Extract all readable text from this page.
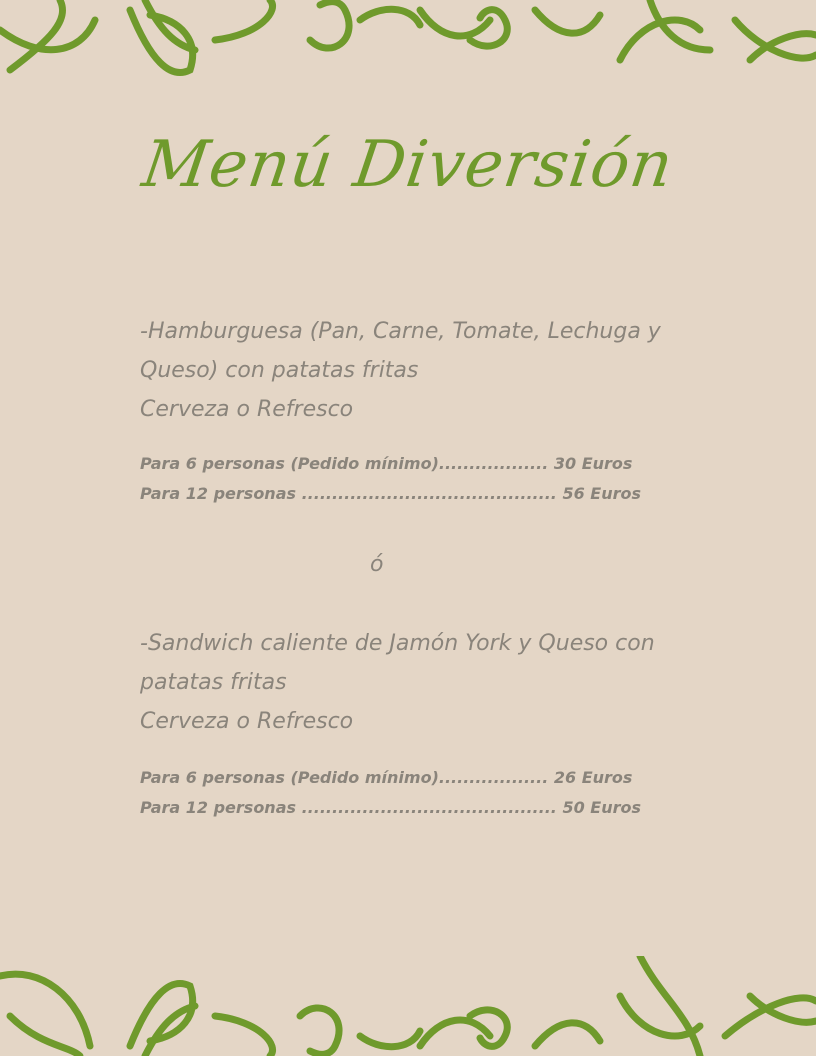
Menú Diversión
-Hamburguesa (Pan, Carne, Tomate, Lechuga y
Queso) con patatas fritas
Cerveza o Refresco
Para 6 personas (Pedido mínimo).................. 30 Euros
Para 12 personas .......................................... 56 Euros
ó
-Sandwich caliente de Jamón York y Queso con
patatas fritas
Cerveza o Refresco
Para 6 personas (Pedido mínimo).................. 26 Euros
Para 12 personas .......................................... 50 Euros
